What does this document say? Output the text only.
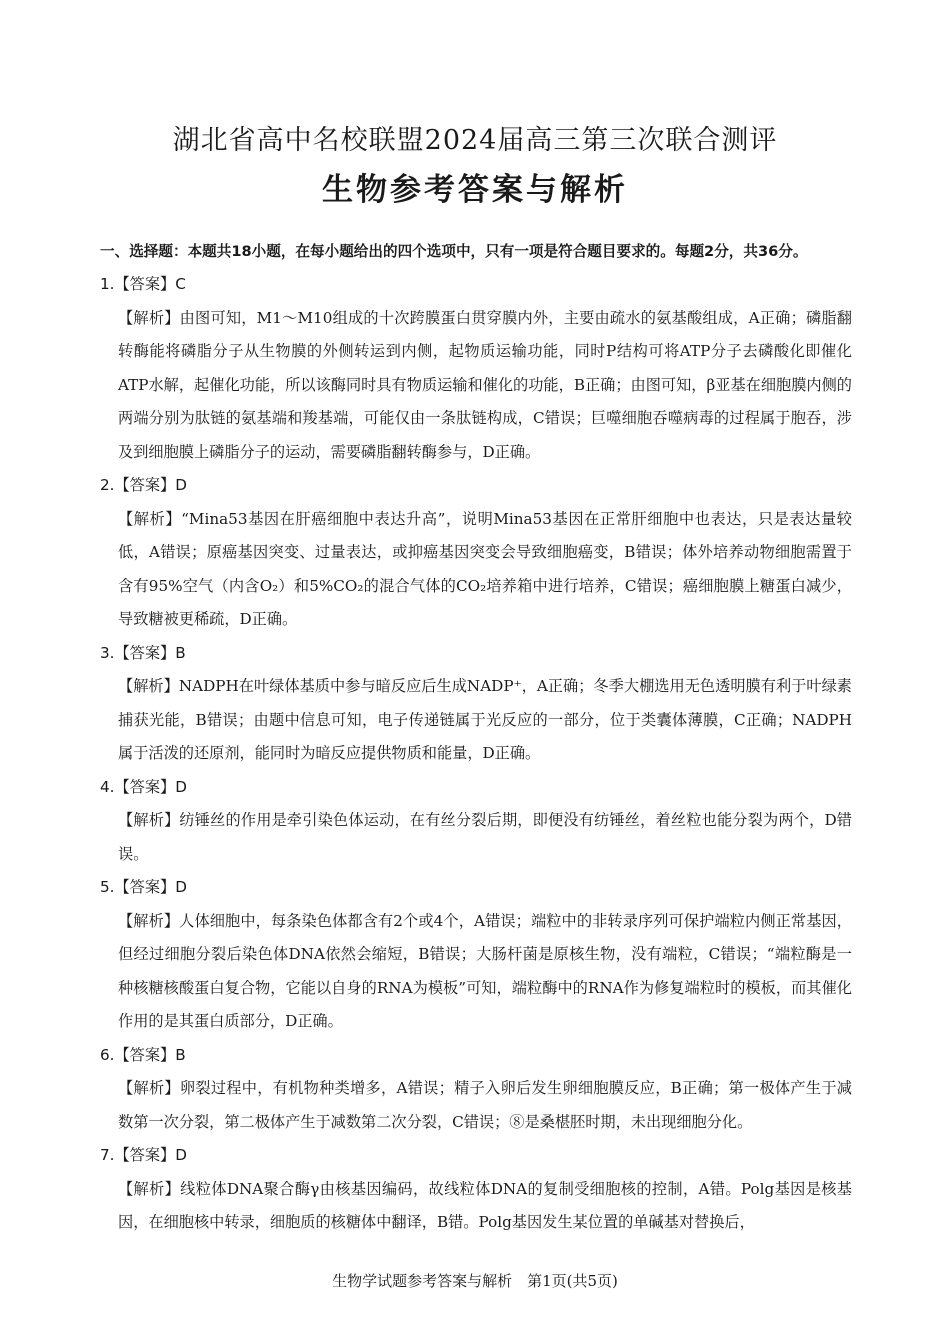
湖北省高中名校联盟2024届高三第三次联合测评
生物参考答案与解析
一、选择题：本题共18小题，在每小题给出的四个选项中，只有一项是符合题目要求的。每题2分，共36分。
1.【答案】C
【解析】由图可知，M1～M10组成的十次跨膜蛋白贯穿膜内外，主要由疏水的氨基酸组成，A正确；磷脂翻转酶能将磷脂分子从生物膜的外侧转运到内侧，起物质运输功能，同时P结构可将ATP分子去磷酸化即催化ATP水解，起催化功能，所以该酶同时具有物质运输和催化的功能，B正确；由图可知，β亚基在细胞膜内侧的两端分别为肽链的氨基端和羧基端，可能仅由一条肽链构成，C错误；巨噬细胞吞噬病毒的过程属于胞吞，涉及到细胞膜上磷脂分子的运动，需要磷脂翻转酶参与，D正确。
2.【答案】D
【解析】“Mina53基因在肝癌细胞中表达升高”，说明Mina53基因在正常肝细胞中也表达，只是表达量较低，A错误；原癌基因突变、过量表达，或抑癌基因突变会导致细胞癌变，B错误；体外培养动物细胞需置于含有95%空气（内含O₂）和5%CO₂的混合气体的CO₂培养箱中进行培养，C错误；癌细胞膜上糖蛋白减少，导致糖被更稀疏，D正确。
3.【答案】B
【解析】NADPH在叶绿体基质中参与暗反应后生成NADP⁺，A正确；冬季大棚选用无色透明膜有利于叶绿素捕获光能，B错误；由题中信息可知，电子传递链属于光反应的一部分，位于类囊体薄膜，C正确；NADPH属于活泼的还原剂，能同时为暗反应提供物质和能量，D正确。
4.【答案】D
【解析】纺锤丝的作用是牵引染色体运动，在有丝分裂后期，即便没有纺锤丝，着丝粒也能分裂为两个，D错误。
5.【答案】D
【解析】人体细胞中，每条染色体都含有2个或4个，A错误；端粒中的非转录序列可保护端粒内侧正常基因，但经过细胞分裂后染色体DNA依然会缩短，B错误；大肠杆菌是原核生物，没有端粒，C错误；“端粒酶是一种核糖核酸蛋白复合物，它能以自身的RNA为模板”可知，端粒酶中的RNA作为修复端粒时的模板，而其催化作用的是其蛋白质部分，D正确。
6.【答案】B
【解析】卵裂过程中，有机物种类增多，A错误；精子入卵后发生卵细胞膜反应，B正确；第一极体产生于减数第一次分裂，第二极体产生于减数第二次分裂，C错误；⑧是桑椹胚时期，未出现细胞分化。
7.【答案】D
【解析】线粒体DNA聚合酶γ由核基因编码，故线粒体DNA的复制受细胞核的控制，A错。Polg基因是核基因，在细胞核中转录，细胞质的核糖体中翻译，B错。Polg基因发生某位置的单碱基对替换后，
生物学试题参考答案与解析　第1页(共5页)
